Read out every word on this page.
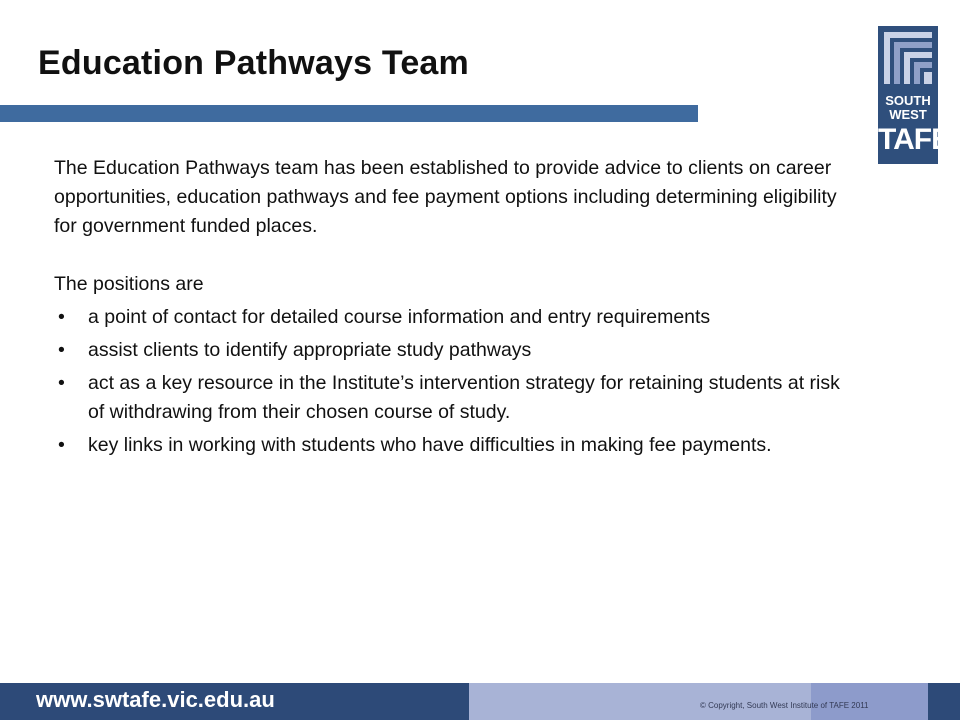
Education Pathways Team
SOUTH
WEST
TAFE

The Education Pathways team has been established to provide advice to clients on career opportunities, education pathways and fee payment options including determining eligibility for government funded places.

The positions are

• a point of contact for detailed course information and entry requirements
• assist clients to identify appropriate study pathways
• act as a key resource in the Institute’s intervention strategy for retaining students at risk of withdrawing from their chosen course of study.
• key links in working with students who have difficulties in making fee payments.
www.swtafe.vic.edu.au	© Copyright, South West Institute of TAFE 2011
